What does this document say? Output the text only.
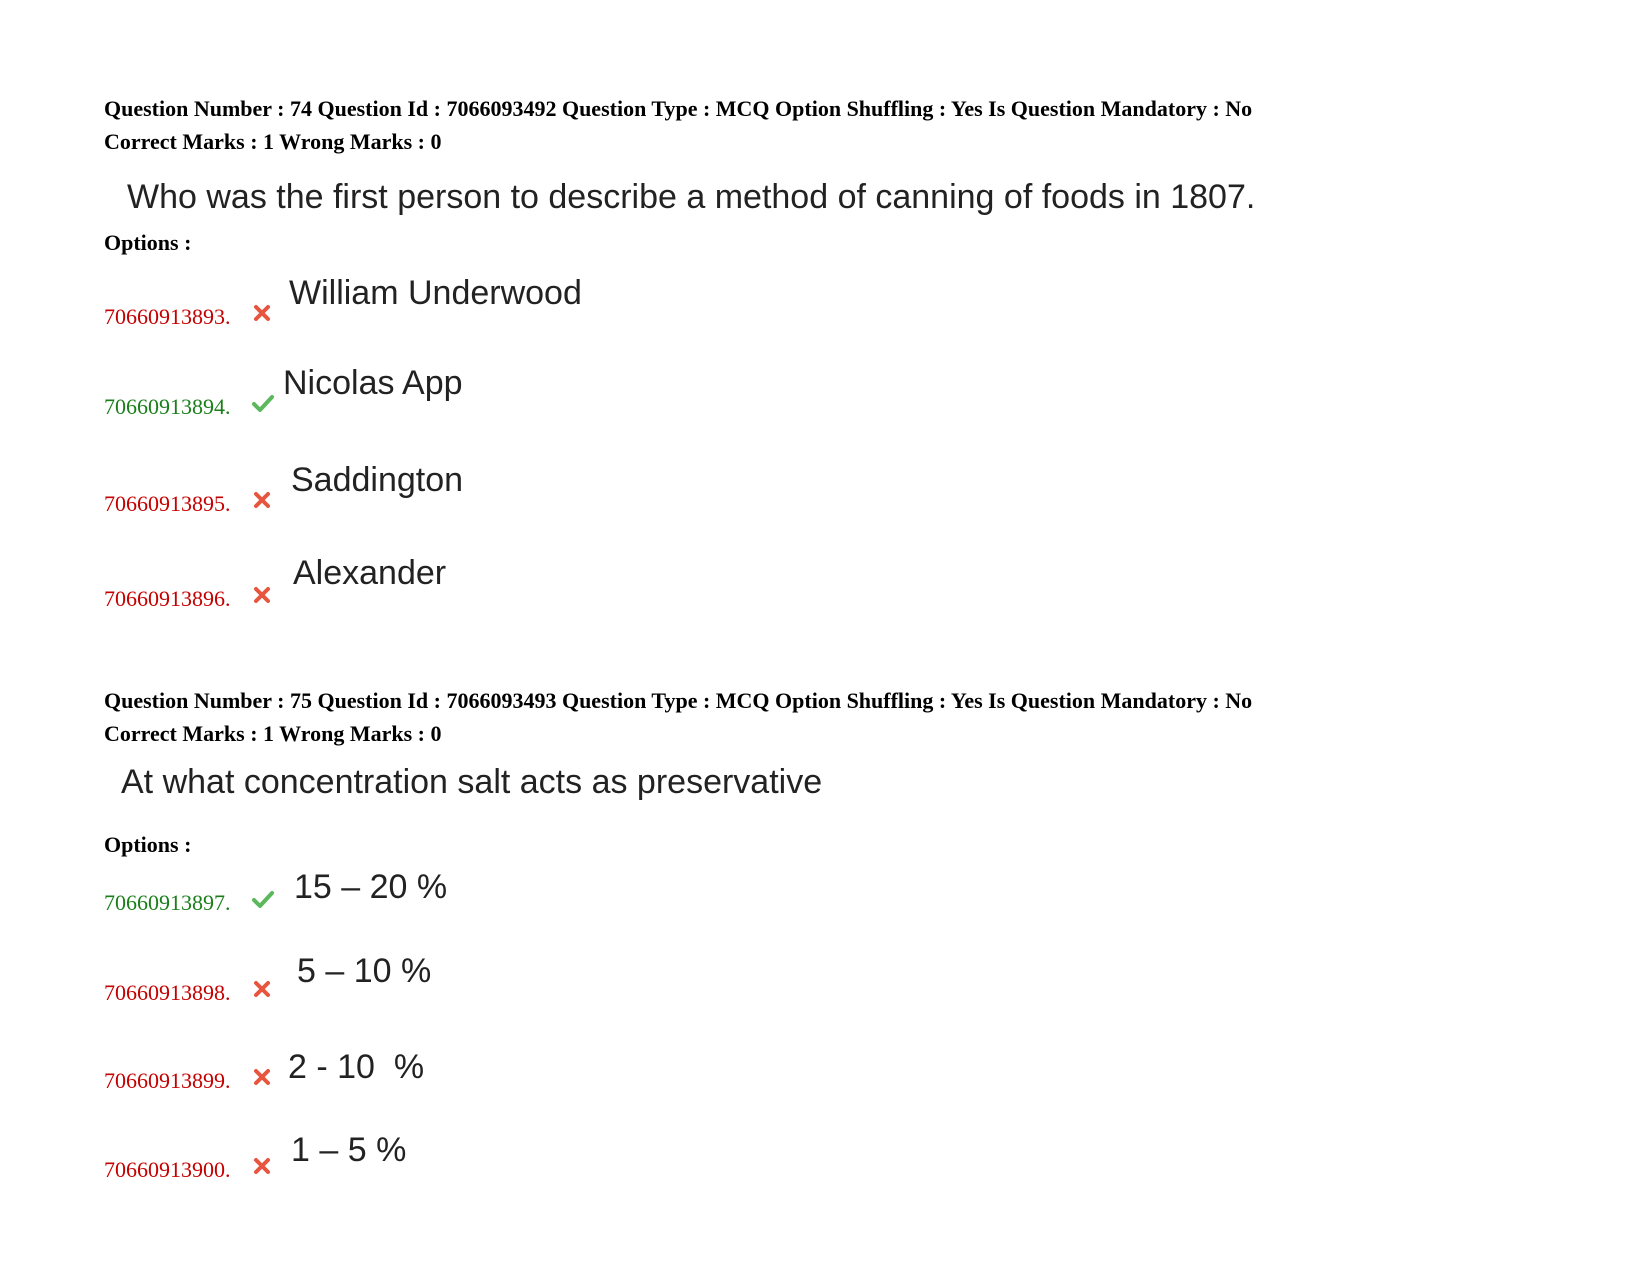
Question Number : 74 Question Id : 7066093492 Question Type : MCQ Option Shuffling : Yes Is Question Mandatory : No
Correct Marks : 1 Wrong Marks : 0
Who was the first person to describe a method of canning of foods in 1807.
Options :
70660913893.
William Underwood
70660913894.
Nicolas App
70660913895.
Saddington
70660913896.
Alexander
Question Number : 75 Question Id : 7066093493 Question Type : MCQ Option Shuffling : Yes Is Question Mandatory : No
Correct Marks : 1 Wrong Marks : 0
At what concentration salt acts as preservative
Options :
70660913897. 15 – 20 %
70660913898.
5 – 10 %
70660913899. 2 - 10  %
70660913900.
1 – 5 %
